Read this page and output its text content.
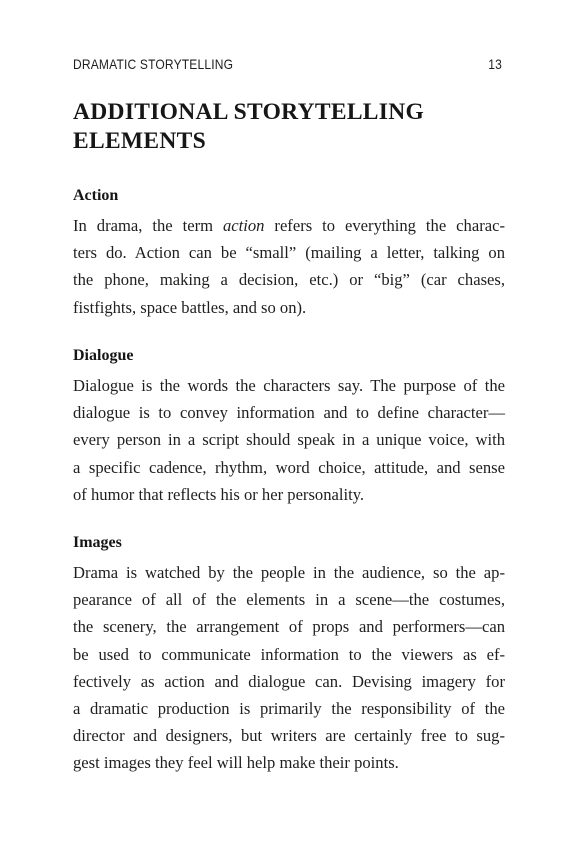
DRAMATIC STORYTELLING	13
ADDITIONAL STORYTELLING ELEMENTS
Action

In drama, the term action refers to everything the charac-
ters do. Action can be “small” (mailing a letter, talking on
the phone, making a decision, etc.) or “big” (car chases,
fistfights, space battles, and so on).

Dialogue

Dialogue is the words the characters say. The purpose of the
dialogue is to convey information and to define character—
every person in a script should speak in a unique voice, with
a specific cadence, rhythm, word choice, attitude, and sense
of humor that reflects his or her personality.

Images

Drama is watched by the people in the audience, so the ap-
pearance of all of the elements in a scene—the costumes,
the scenery, the arrangement of props and performers—can
be used to communicate information to the viewers as ef-
fectively as action and dialogue can. Devising imagery for
a dramatic production is primarily the responsibility of the
director and designers, but writers are certainly free to sug-
gest images they feel will help make their points.
